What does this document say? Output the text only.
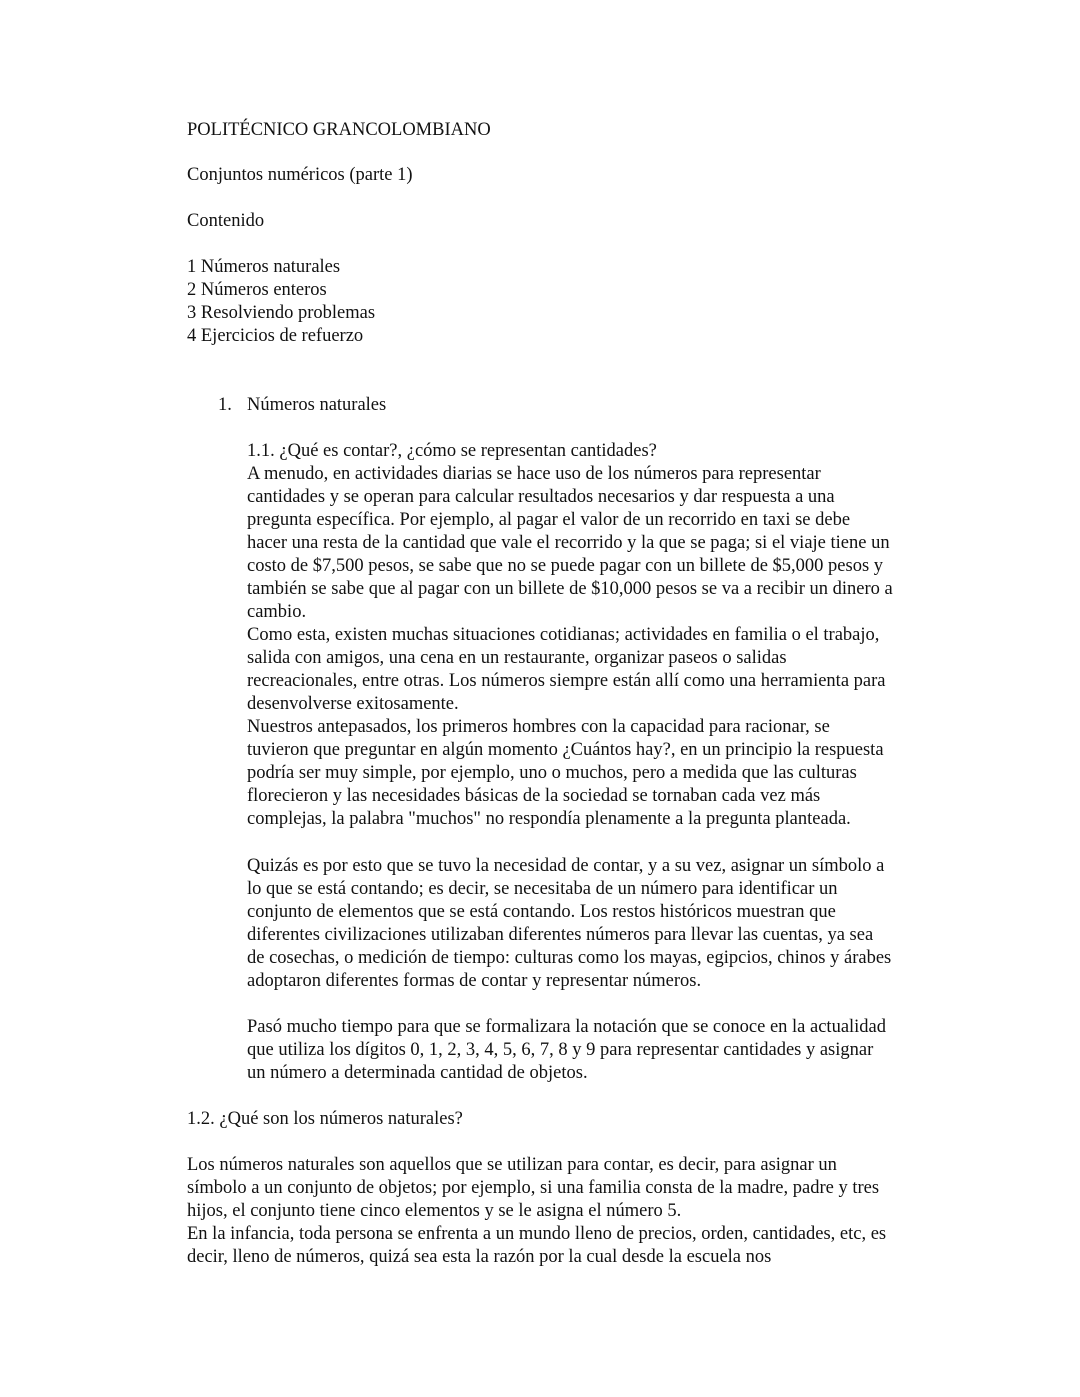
POLITÉCNICO GRANCOLOMBIANO
Conjuntos numéricos (parte 1)
Contenido
1 Números naturales
2 Números enteros
3 Resolviendo problemas
4 Ejercicios de refuerzo
1. Números naturales
1.1. ¿Qué es contar?, ¿cómo se representan cantidades?

A menudo, en actividades diarias se hace uso de los números para representar cantidades y se operan para calcular resultados necesarios y dar respuesta a una pregunta específica. Por ejemplo, al pagar el valor de un recorrido en taxi se debe hacer una resta de la cantidad que vale el recorrido y la que se paga; si el viaje tiene un costo de $7,500 pesos, se sabe que no se puede pagar con un billete de $5,000 pesos y también se sabe que al pagar con un billete de $10,000 pesos se va a recibir un dinero a cambio.

Como esta, existen muchas situaciones cotidianas; actividades en familia o el trabajo, salida con amigos, una cena en un restaurante, organizar paseos o salidas recreacionales, entre otras. Los números siempre están allí como una herramienta para desenvolverse exitosamente.

Nuestros antepasados, los primeros hombres con la capacidad para racionar, se tuvieron que preguntar en algún momento ¿Cuántos hay?, en un principio la respuesta podría ser muy simple, por ejemplo, uno o muchos, pero a medida que las culturas florecieron y las necesidades básicas de la sociedad se tornaban cada vez más complejas, la palabra "muchos" no respondía plenamente a la pregunta planteada.

Quizás es por esto que se tuvo la necesidad de contar, y a su vez, asignar un símbolo a lo que se está contando; es decir, se necesitaba de un número para identificar un conjunto de elementos que se está contando. Los restos históricos muestran que diferentes civilizaciones utilizaban diferentes números para llevar las cuentas, ya sea de cosechas, o medición de tiempo: culturas como los mayas, egipcios, chinos y árabes adoptaron diferentes formas de contar y representar números.

Pasó mucho tiempo para que se formalizara la notación que se conoce en la actualidad que utiliza los dígitos 0, 1, 2, 3, 4, 5, 6, 7, 8 y 9 para representar cantidades y asignar un número a determinada cantidad de objetos.

1.2. ¿Qué son los números naturales?

Los números naturales son aquellos que se utilizan para contar, es decir, para asignar un símbolo a un conjunto de objetos; por ejemplo, si una familia consta de la madre, padre y tres hijos, el conjunto tiene cinco elementos y se le asigna el número 5.

En la infancia, toda persona se enfrenta a un mundo lleno de precios, orden, cantidades, etc, es decir, lleno de números, quizá sea esta la razón por la cual desde la escuela nos
